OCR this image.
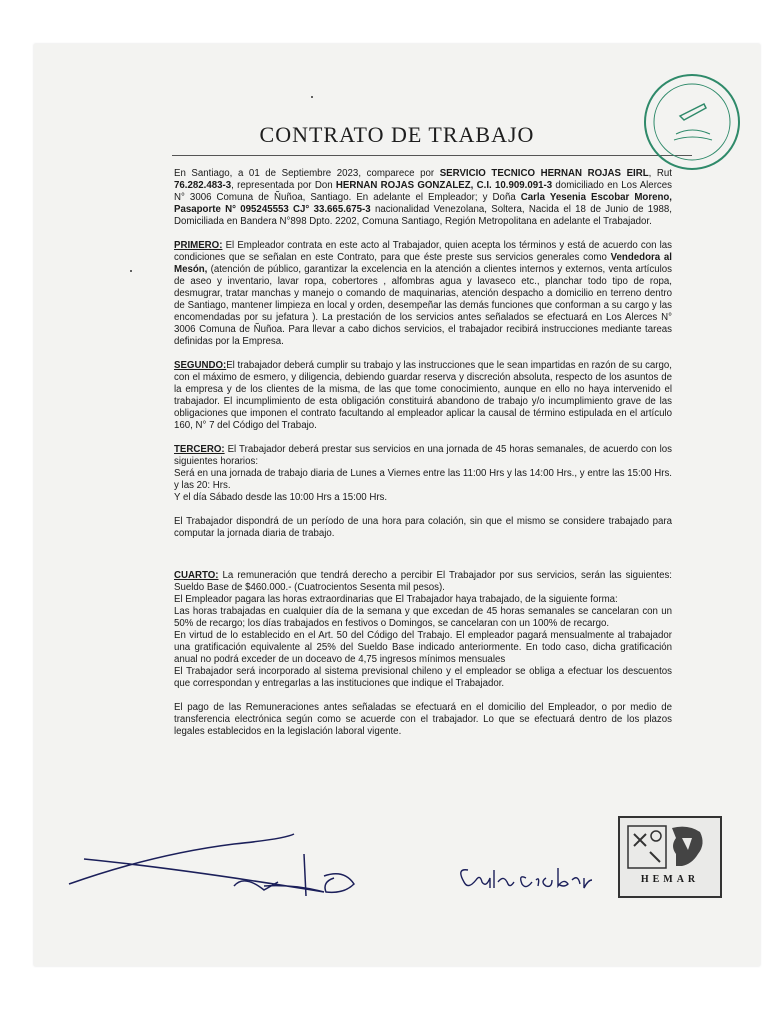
CONTRATO DE TRABAJO

En Santiago, a 01 de Septiembre 2023, comparece por SERVICIO TECNICO HERNAN ROJAS EIRL, Rut 76.282.483-3, representada por Don HERNAN ROJAS GONZALEZ, C.I. 10.909.091-3 domiciliado en Los Alerces N° 3006 Comuna de Ñuñoa, Santiago. En adelante el Empleador; y Doña Carla Yesenia Escobar Moreno, Pasaporte N° 095245553 CJ° 33.665.675-3 nacionalidad Venezolana, Soltera, Nacida el 18 de Junio de 1988, Domiciliada en Bandera N°898 Dpto. 2202, Comuna Santiago, Región Metropolitana en adelante el Trabajador.

PRIMERO: El Empleador contrata en este acto al Trabajador, quien acepta los términos y está de acuerdo con las condiciones que se señalan en este Contrato, para que éste preste sus servicios generales como Vendedora al Mesón, (atención de público, garantizar la excelencia en la atención a clientes internos y externos, venta artículos de aseo y inventario, lavar ropa, cobertores , alfombras agua y lavaseco etc., planchar todo tipo de ropa, desmugrar, tratar manchas y manejo o comando de maquinarias, atención despacho a domicilio en terreno dentro de Santiago, mantener limpieza en local y orden, desempeñar las demás funciones que conforman a su cargo y las encomendadas por su jefatura ). La prestación de los servicios antes señalados se efectuará en Los Alerces N° 3006 Comuna de Ñuñoa. Para llevar a cabo dichos servicios, el trabajador recibirá instrucciones mediante tareas definidas por la Empresa.

SEGUNDO:El trabajador deberá cumplir su trabajo y las instrucciones que le sean impartidas en razón de su cargo, con el máximo de esmero, y diligencia, debiendo guardar reserva y discreción absoluta, respecto de los asuntos de la empresa y de los clientes de la misma, de las que tome conocimiento, aunque en ello no haya intervenido el trabajador. El incumplimiento de esta obligación constituirá abandono de trabajo y/o incumplimiento grave de las obligaciones que imponen el contrato facultando al empleador aplicar la causal de término estipulada en el artículo 160, N° 7 del Código del Trabajo.

TERCERO: El Trabajador deberá prestar sus servicios en una jornada de 45 horas semanales, de acuerdo con los siguientes horarios:
Será en una jornada de trabajo diaria de Lunes a Viernes entre las 11:00 Hrs y las 14:00 Hrs., y entre las 15:00 Hrs. y las 20: Hrs.
Y el día Sábado desde las 10:00 Hrs a 15:00 Hrs.

El Trabajador dispondrá de un período de una hora para colación, sin que el mismo se considere trabajado para computar la jornada diaria de trabajo.

CUARTO: La remuneración que tendrá derecho a percibir El Trabajador por sus servicios, serán las siguientes: Sueldo Base de $460.000.- (Cuatrocientos Sesenta mil pesos).
El Empleador pagara las horas extraordinarias que El Trabajador haya trabajado, de la siguiente forma:
Las horas trabajadas en cualquier día de la semana y que excedan de 45 horas semanales se cancelaran con un 50% de recargo; los días trabajados en festivos o Domingos, se cancelaran con un 100% de recargo.
En virtud de lo establecido en el Art. 50 del Código del Trabajo. El empleador pagará mensualmente al trabajador una gratificación equivalente al 25% del Sueldo Base indicado anteriormente. En todo caso, dicha gratificación anual no podrá exceder de un doceavo de 4,75 ingresos mínimos mensuales
El Trabajador será incorporado al sistema previsional chileno y el empleador se obliga a efectuar los descuentos que correspondan y entregarlas a las instituciones que indique el Trabajador.

El pago de las Remuneraciones antes señaladas se efectuará en el domicilio del Empleador, o por medio de transferencia electrónica según como se acuerde con el trabajador. Lo que se efectuará dentro de los plazos legales establecidos en la legislación laboral vigente.

HEMAR
